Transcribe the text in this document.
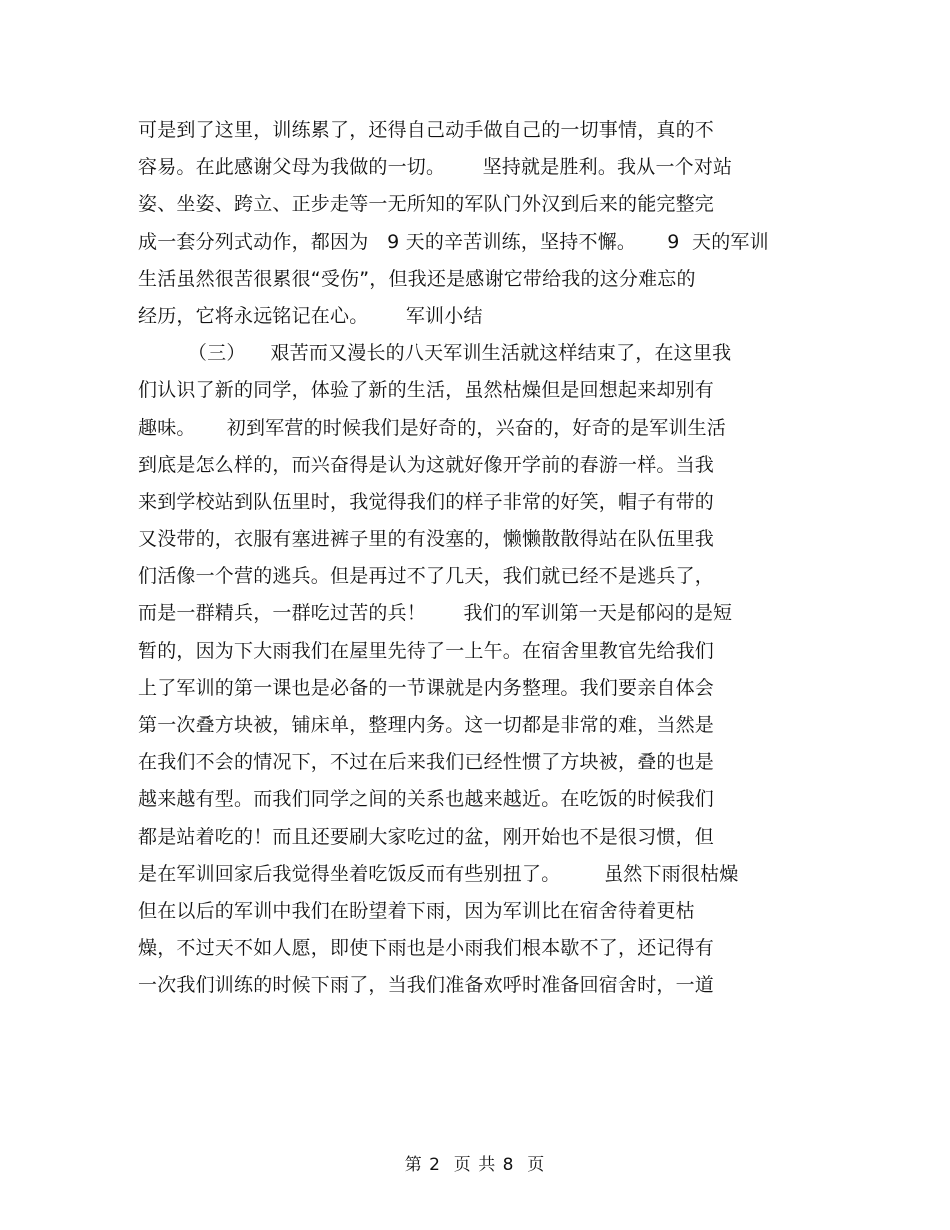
可是到了这里，训练累了，还得自己动手做自己的一切事情，真的不
容易。在此感谢父母为我做的一切。      坚持就是胜利。我从一个对站
姿、坐姿、跨立、正步走等一无所知的军队门外汉到后来的能完整完
成一套分列式动作，都因为   9 天的辛苦训练，坚持不懈。     9  天的军训
生活虽然很苦很累很“受伤”，但我还是感谢它带给我的这分难忘的
经历，它将永远铭记在心。      军训小结
（三）    艰苦而又漫长的八天军训生活就这样结束了，在这里我
们认识了新的同学，体验了新的生活，虽然枯燥但是回想起来却别有
趣味。     初到军营的时候我们是好奇的，兴奋的，好奇的是军训生活
到底是怎么样的，而兴奋得是认为这就好像开学前的春游一样。当我
来到学校站到队伍里时，我觉得我们的样子非常的好笑，帽子有带的
又没带的，衣服有塞进裤子里的有没塞的，懒懒散散得站在队伍里我
们活像一个营的逃兵。但是再过不了几天，我们就已经不是逃兵了，
而是一群精兵，一群吃过苦的兵！      我们的军训第一天是郁闷的是短
暂的，因为下大雨我们在屋里先待了一上午。在宿舍里教官先给我们
上了军训的第一课也是必备的一节课就是内务整理。我们要亲自体会
第一次叠方块被，铺床单，整理内务。这一切都是非常的难，当然是
在我们不会的情况下，不过在后来我们已经性惯了方块被，叠的也是
越来越有型。而我们同学之间的关系也越来越近。在吃饭的时候我们
都是站着吃的！而且还要刷大家吃过的盆，刚开始也不是很习惯，但
是在军训回家后我觉得坐着吃饭反而有些别扭了。       虽然下雨很枯燥
但在以后的军训中我们在盼望着下雨，因为军训比在宿舍待着更枯
燥，不过天不如人愿，即使下雨也是小雨我们根本歇不了，还记得有
一次我们训练的时候下雨了，当我们准备欢呼时准备回宿舍时，一道
第 2  页 共 8  页
